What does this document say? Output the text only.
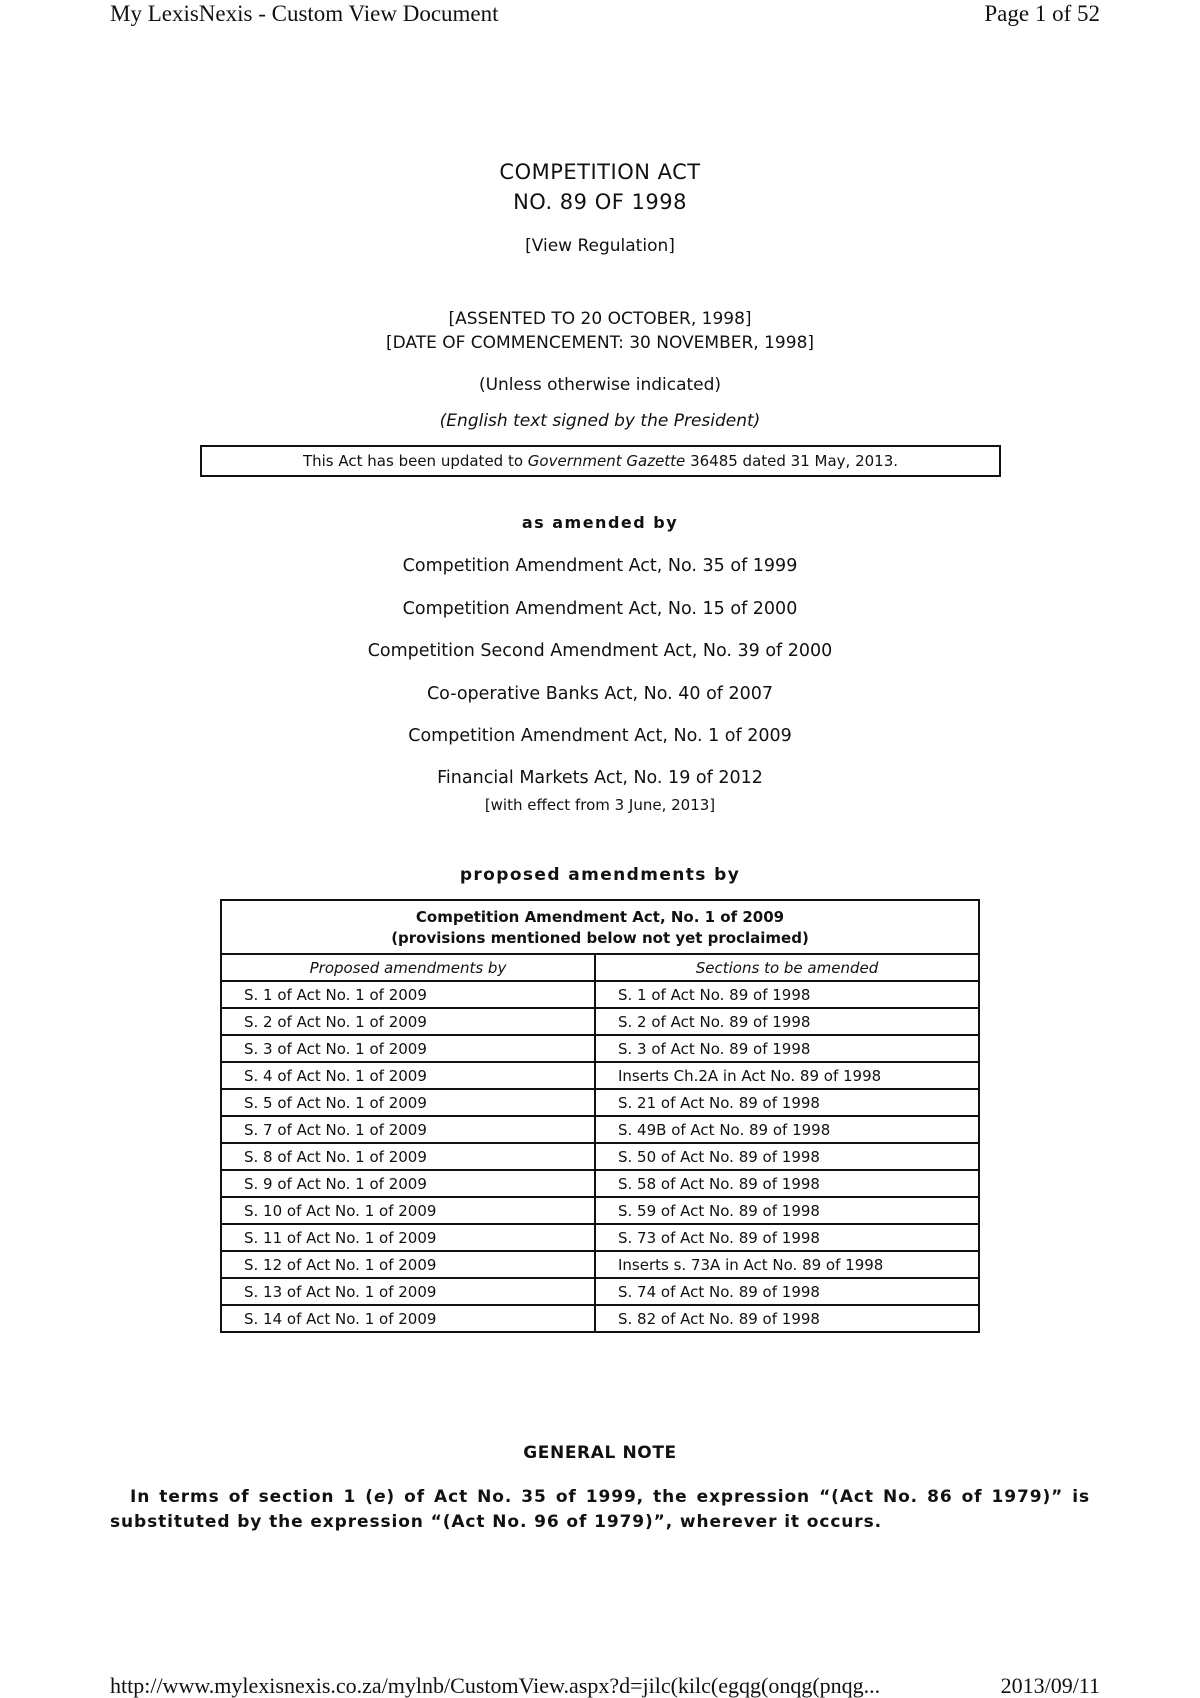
My LexisNexis - Custom View Document	Page 1 of 52
COMPETITION ACT
NO. 89 OF 1998
[View Regulation]
[ASSENTED TO 20 OCTOBER, 1998]
[DATE OF COMMENCEMENT: 30 NOVEMBER, 1998]
(Unless otherwise indicated)
(English text signed by the President)
This Act has been updated to Government Gazette 36485 dated 31 May, 2013.
as amended by
Competition Amendment Act, No. 35 of 1999
Competition Amendment Act, No. 15 of 2000
Competition Second Amendment Act, No. 39 of 2000
Co-operative Banks Act, No. 40 of 2007
Competition Amendment Act, No. 1 of 2009
Financial Markets Act, No. 19 of 2012
[with effect from 3 June, 2013]
proposed amendments by
Competition Amendment Act, No. 1 of 2009
(provisions mentioned below not yet proclaimed)	

Proposed amendments by	Sections to be amended
S. 1 of Act No. 1 of 2009	S. 1 of Act No. 89 of 1998
S. 2 of Act No. 1 of 2009	S. 2 of Act No. 89 of 1998
S. 3 of Act No. 1 of 2009	S. 3 of Act No. 89 of 1998
S. 4 of Act No. 1 of 2009	Inserts Ch.2A in Act No. 89 of 1998
S. 5 of Act No. 1 of 2009	S. 21 of Act No. 89 of 1998
S. 7 of Act No. 1 of 2009	S. 49B of Act No. 89 of 1998
S. 8 of Act No. 1 of 2009	S. 50 of Act No. 89 of 1998
S. 9 of Act No. 1 of 2009	S. 58 of Act No. 89 of 1998
S. 10 of Act No. 1 of 2009	S. 59 of Act No. 89 of 1998
S. 11 of Act No. 1 of 2009	S. 73 of Act No. 89 of 1998
S. 12 of Act No. 1 of 2009	Inserts s. 73A in Act No. 89 of 1998
S. 13 of Act No. 1 of 2009	S. 74 of Act No. 89 of 1998
S. 14 of Act No. 1 of 2009	S. 82 of Act No. 89 of 1998
GENERAL NOTE
In terms of section 1 (e) of Act No. 35 of 1999, the expression “(Act No. 86 of 1979)” is substituted by the expression “(Act No. 96 of 1979)”, wherever it occurs.
http://www.mylexisnexis.co.za/mylnb/CustomView.aspx?d=jilc(kilc(egqg(onqg(pnqg...	2013/09/11
